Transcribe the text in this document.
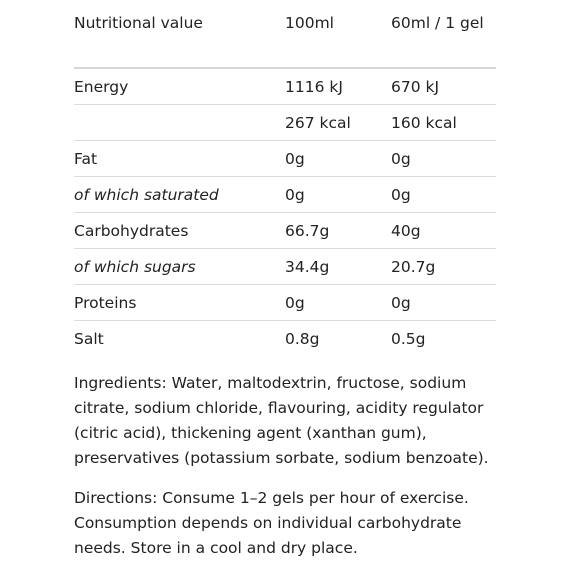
Nutritional value	100ml	60ml / 1 gel
Energy	1116 kJ	670 kJ
	267 kcal	160 kcal
Fat	0g	0g
of which saturated	0g	0g
Carbohydrates	66.7g	40g
of which sugars	34.4g	20.7g
Proteins	0g	0g
Salt	0.8g	0.5g

Ingredients: Water, maltodextrin, fructose, sodium citrate, sodium chloride, flavouring, acidity regulator (citric acid), thickening agent (xanthan gum), preservatives (potassium sorbate, sodium benzoate).

Directions: Consume 1–2 gels per hour of exercise. Consumption depends on individual carbohydrate needs. Store in a cool and dry place.
